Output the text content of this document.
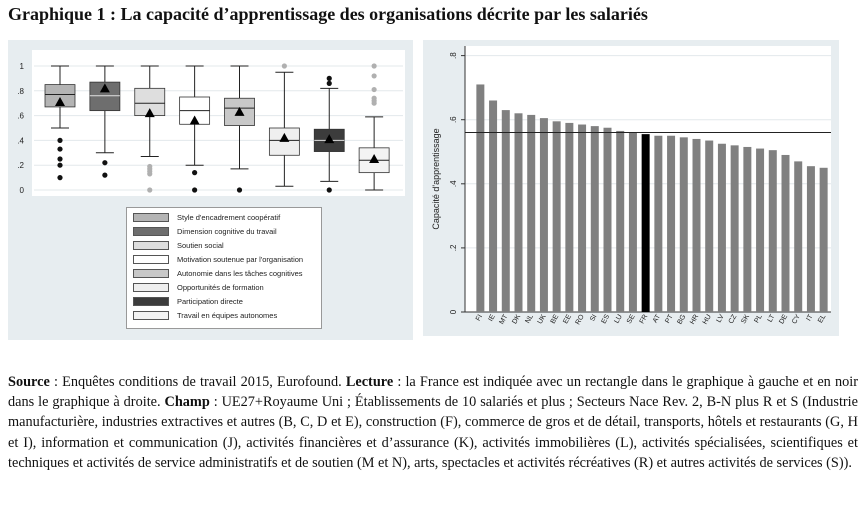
Graphique 1 : La capacité d’apprentissage des organisations décrite par les salariés
0
.2
.4
.6
.8
1
Style d'encadrement coopératif
Dimension cognitive du travail
Soutien social
Motivation soutenue par l'organisation
Autonomie dans les tâches cognitives
Opportunités de formation
Participation directe
Travail en équipes autonomes	0
.2
.4
.6
.8
Capacité d'apprentissage
FI IE MT DK NL UK BE EE RO SI ES LU SE FR AT PT BG HR HU LV CZ SK PL LT DE CY IT EL
Source : Enquêtes conditions de travail 2015, Eurofound. Lecture : la France est indiquée avec un rectangle dans le graphique à gauche et en noir dans le graphique à droite. Champ : UE27+Royaume Uni ; Établissements de 10 salariés et plus ; Secteurs Nace Rev. 2, B-N plus R et S (Industrie manufacturière, industries extractives et autres (B, C, D et E), construction (F), commerce de gros et de détail, transports, hôtels et restaurants (G, H et I), information et communication (J), activités financières et d’assurance (K), activités immobilières (L), activités spécialisées, scientifiques et techniques et activités de service administratifs et de soutien (M et N), arts, spectacles et activités récréatives (R) et autres activités de services (S)).
